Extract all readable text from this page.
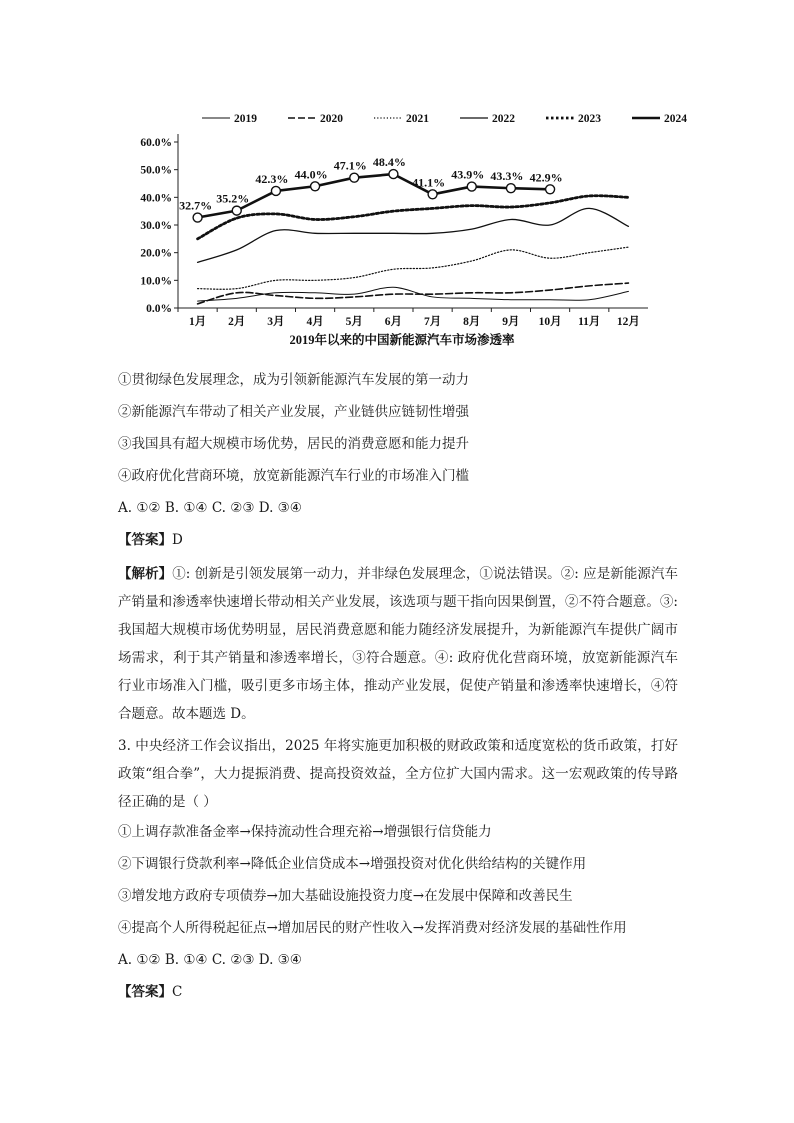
2019	2020	2021	2022	2023	2024
0.0%
10.0%
20.0%
30.0%
40.0%
50.0%
60.0%
1月 2月 3月 4月 5月 6月 7月 8月 9月 10月 11月 12月
32.7% 35.2%
42.3% 44.0%
47.1% 48.4%
41.1%
43.9% 43.3% 42.9%
2019年以来的中国新能源汽车市场渗透率

①贯彻绿色发展理念，成为引领新能源汽车发展的第一动力

②新能源汽车带动了相关产业发展，产业链供应链韧性增强

③我国具有超大规模市场优势，居民的消费意愿和能力提升

④政府优化营商环境，放宽新能源汽车行业的市场准入门槛

A. ①② B. ①④ C. ②③ D. ③④

【答案】D

【解析】①: 创新是引领发展第一动力，并非绿色发展理念，①说法错误。②: 应是新能源汽车产销量和渗透率快速增长带动相关产业发展，该选项与题干指向因果倒置，②不符合题意。③: 我国超大规模市场优势明显，居民消费意愿和能力随经济发展提升，为新能源汽车提供广阔市场需求，利于其产销量和渗透率增长，③符合题意。④: 政府优化营商环境，放宽新能源汽车行业市场准入门槛，吸引更多市场主体，推动产业发展，促使产销量和渗透率快速增长，④符合题意。故本题选 D。

3. 中央经济工作会议指出，2025 年将实施更加积极的财政政策和适度宽松的货币政策，打好政策“组合拳”，大力提振消费、提高投资效益，全方位扩大国内需求。这一宏观政策的传导路径正确的是（ ）

①上调存款准备金率→保持流动性合理充裕→增强银行信贷能力

②下调银行贷款利率→降低企业信贷成本→增强投资对优化供给结构的关键作用

③增发地方政府专项债券→加大基础设施投资力度→在发展中保障和改善民生

④提高个人所得税起征点→增加居民的财产性收入→发挥消费对经济发展的基础性作用

A. ①② B. ①④ C. ②③ D. ③④

【答案】C
